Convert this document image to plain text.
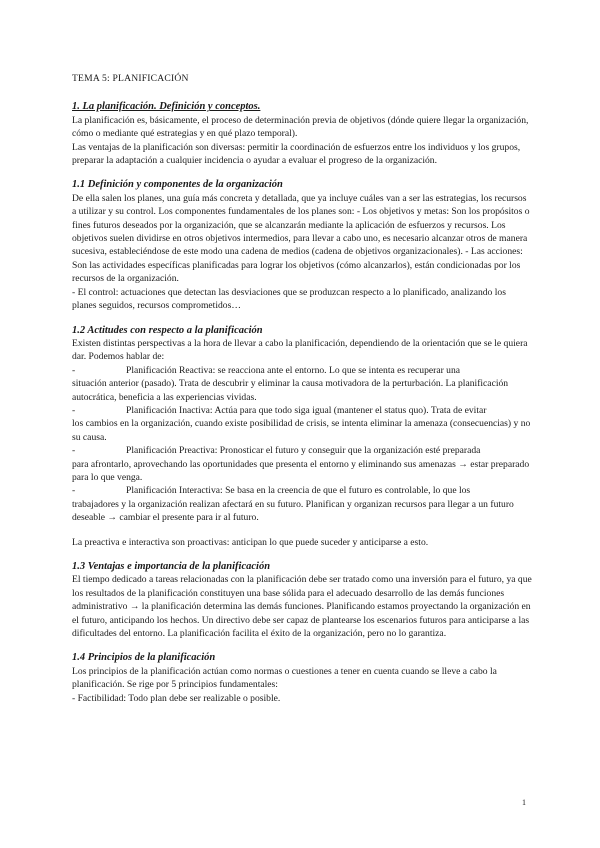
TEMA 5: PLANIFICACIÓN
1. La planificación. Definición y conceptos.

La planificación es, básicamente, el proceso de determinación previa de objetivos (dónde quiere llegar la organización, cómo o mediante qué estrategias y en qué plazo temporal).

Las ventajas de la planificación son diversas: permitir la coordinación de esfuerzos entre los individuos y los grupos, preparar la adaptación a cualquier incidencia o ayudar a evaluar el progreso de la organización.

1.1 Definición y componentes de la organización

De ella salen los planes, una guía más concreta y detallada, que ya incluye cuáles van a ser las estrategias, los recursos a utilizar y su control. Los componentes fundamentales de los planes son: - Los objetivos y metas: Son los propósitos o fines futuros deseados por la organización, que se alcanzarán mediante la aplicación de esfuerzos y recursos. Los objetivos suelen dividirse en otros objetivos intermedios, para llevar a cabo uno, es necesario alcanzar otros de manera sucesiva, estableciéndose de este modo una cadena de medios (cadena de objetivos organizacionales). - Las acciones: Son las actividades específicas planificadas para lograr los objetivos (cómo alcanzarlos), están condicionadas por los recursos de la organización.

- El control: actuaciones que detectan las desviaciones que se produzcan respecto a lo planificado, analizando los planes seguidos, recursos comprometidos…

1.2 Actitudes con respecto a la planificación

Existen distintas perspectivas a la hora de llevar a cabo la planificación, dependiendo de la orientación que se le quiera dar. Podemos hablar de:

-	Planificación Reactiva: se reacciona ante el entorno. Lo que se intenta es recuperar una

situación anterior (pasado). Trata de descubrir y eliminar la causa motivadora de la perturbación. La planificación autocrática, beneficia a las experiencias vividas.

-	Planificación Inactiva: Actúa para que todo siga igual (mantener el status quo). Trata de evitar

los cambios en la organización, cuando existe posibilidad de crisis, se intenta eliminar la amenaza (consecuencias) y no su causa.

-	Planificación Preactiva: Pronosticar el futuro y conseguir que la organización esté preparada

para afrontarlo, aprovechando las oportunidades que presenta el entorno y eliminando sus amenazas → estar preparado para lo que venga.

-	Planificación Interactiva: Se basa en la creencia de que el futuro es controlable, lo que los

trabajadores y la organización realizan afectará en su futuro. Planifican y organizan recursos para llegar a un futuro deseable → cambiar el presente para ir al futuro.

La preactiva e interactiva son proactivas: anticipan lo que puede suceder y anticiparse a esto.

1.3 Ventajas e importancia de la planificación

El tiempo dedicado a tareas relacionadas con la planificación debe ser tratado como una inversión para el futuro, ya que los resultados de la planificación constituyen una base sólida para el adecuado desarrollo de las demás funciones administrativo → la planificación determina las demás funciones. Planificando estamos proyectando la organización en el futuro, anticipando los hechos. Un directivo debe ser capaz de plantearse los escenarios futuros para anticiparse a las dificultades del entorno. La planificación facilita el éxito de la organización, pero no lo garantiza.

1.4 Principios de la planificación

Los principios de la planificación actúan como normas o cuestiones a tener en cuenta cuando se lleve a cabo la planificación. Se rige por 5 principios fundamentales:

- Factibilidad: Todo plan debe ser realizable o posible.

1
